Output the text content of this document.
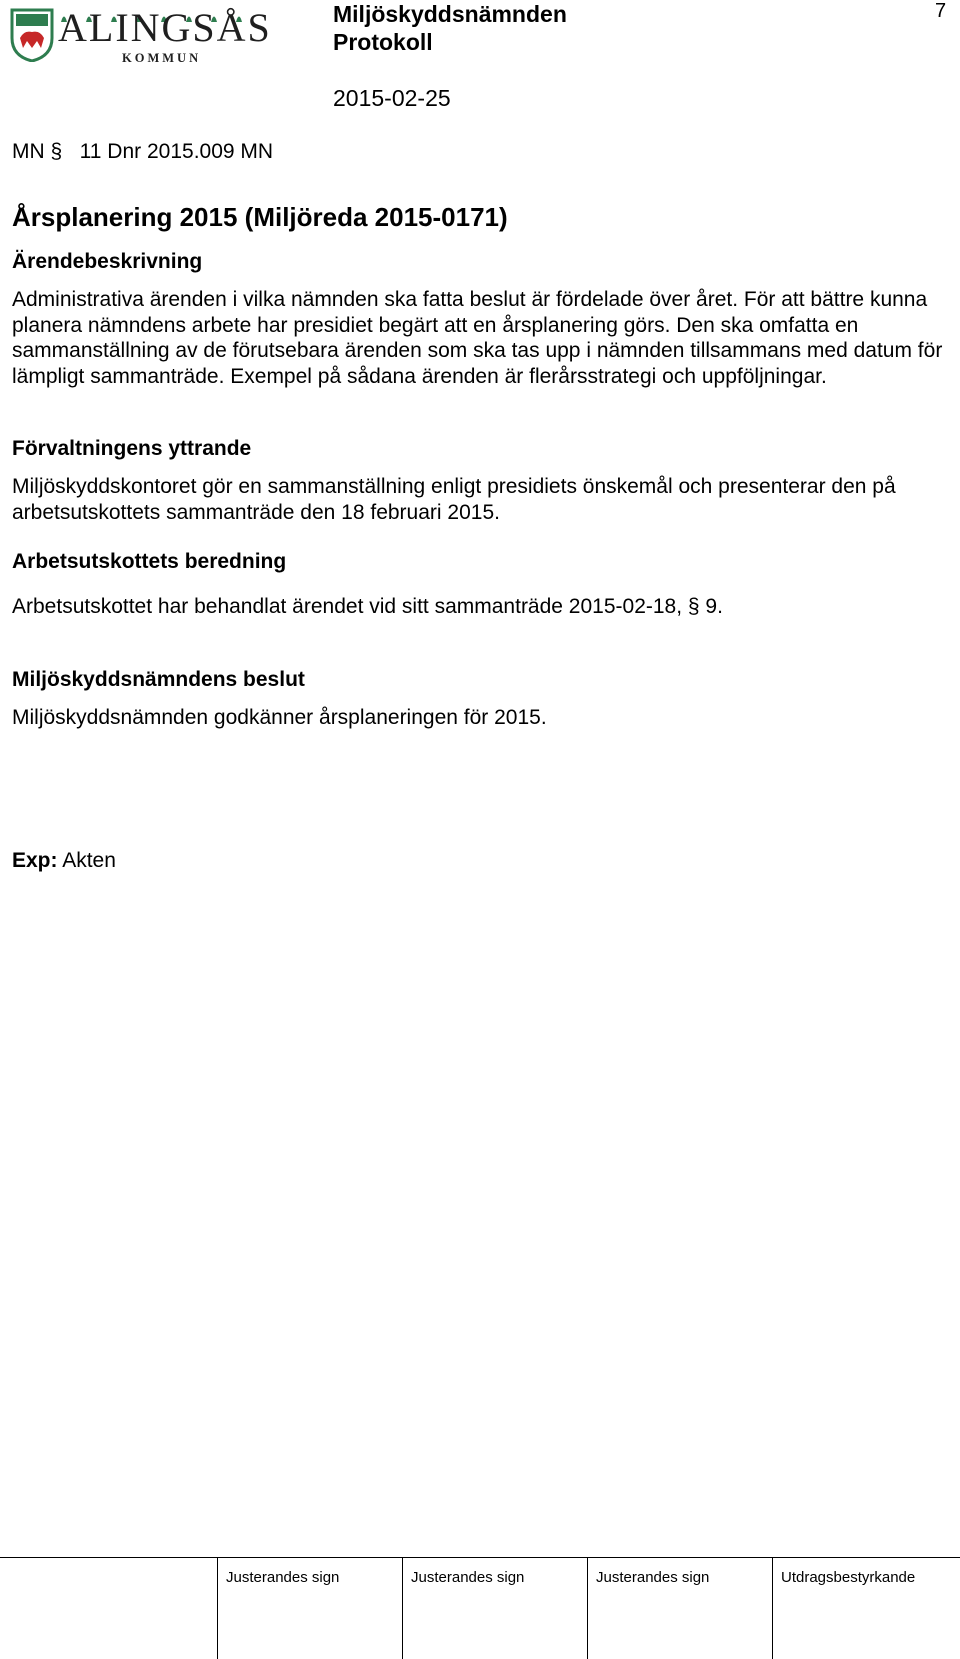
ALINGSÅS
KOMMUN
Miljöskyddsnämnden
Protokoll
2015-02-25
7
MN §   11 Dnr 2015.009 MN
Årsplanering 2015 (Miljöreda 2015-0171)
Ärendebeskrivning
Administrativa ärenden i vilka nämnden ska fatta beslut är fördelade över året. För att bättre kunna planera nämndens arbete har presidiet begärt att en årsplanering görs. Den ska omfatta en sammanställning av de förutsebara ärenden som ska tas upp i nämnden tillsammans med datum för lämpligt sammanträde. Exempel på sådana ärenden är flerårsstrategi och uppföljningar.
Förvaltningens yttrande
Miljöskyddskontoret gör en sammanställning enligt presidiets önskemål och presenterar den på arbetsutskottets sammanträde den 18 februari 2015.
Arbetsutskottets beredning
Arbetsutskottet har behandlat ärendet vid sitt sammanträde 2015-02-18, § 9.
Miljöskyddsnämndens beslut
Miljöskyddsnämnden godkänner årsplaneringen för 2015.
Exp: Akten
Justerandes sign	Justerandes sign	Justerandes sign	Utdragsbestyrkande
